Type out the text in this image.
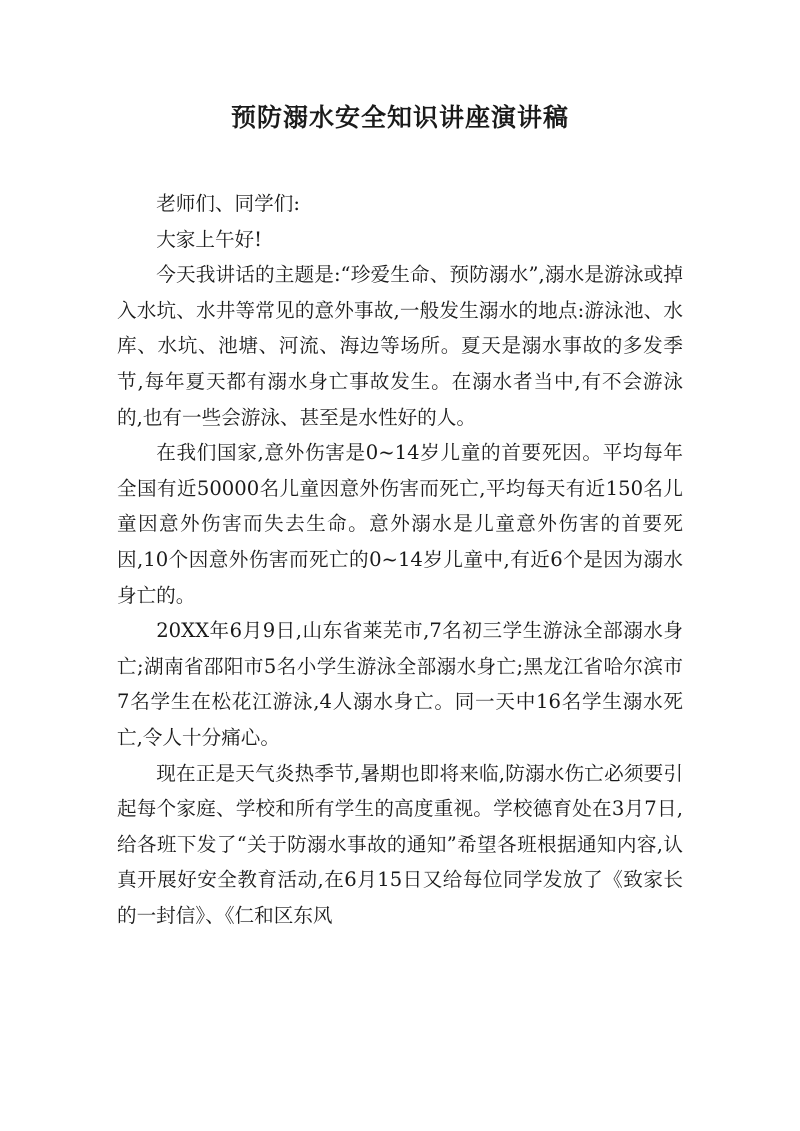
预防溺水安全知识讲座演讲稿

老师们、同学们:

大家上午好!

今天我讲话的主题是:“珍爱生命、预防溺水”,溺水是游泳或掉入水坑、水井等常见的意外事故,一般发生溺水的地点:游泳池、水库、水坑、池塘、河流、海边等场所。夏天是溺水事故的多发季节,每年夏天都有溺水身亡事故发生。在溺水者当中,有不会游泳的,也有一些会游泳、甚至是水性好的人。

在我们国家,意外伤害是0~14岁儿童的首要死因。平均每年全国有近50000名儿童因意外伤害而死亡,平均每天有近150名儿童因意外伤害而失去生命。意外溺水是儿童意外伤害的首要死因,10个因意外伤害而死亡的0~14岁儿童中,有近6个是因为溺水身亡的。

20XX年6月9日,山东省莱芜市,7名初三学生游泳全部溺水身亡;湖南省邵阳市5名小学生游泳全部溺水身亡;黑龙江省哈尔滨市7名学生在松花江游泳,4人溺水身亡。同一天中16名学生溺水死亡,令人十分痛心。

现在正是天气炎热季节,暑期也即将来临,防溺水伤亡必须要引起每个家庭、学校和所有学生的高度重视。学校德育处在3月7日,给各班下发了“关于防溺水事故的通知”希望各班根据通知内容,认真开展好安全教育活动,在6月15日又给每位同学发放了《致家长的一封信》、《仁和区东风
